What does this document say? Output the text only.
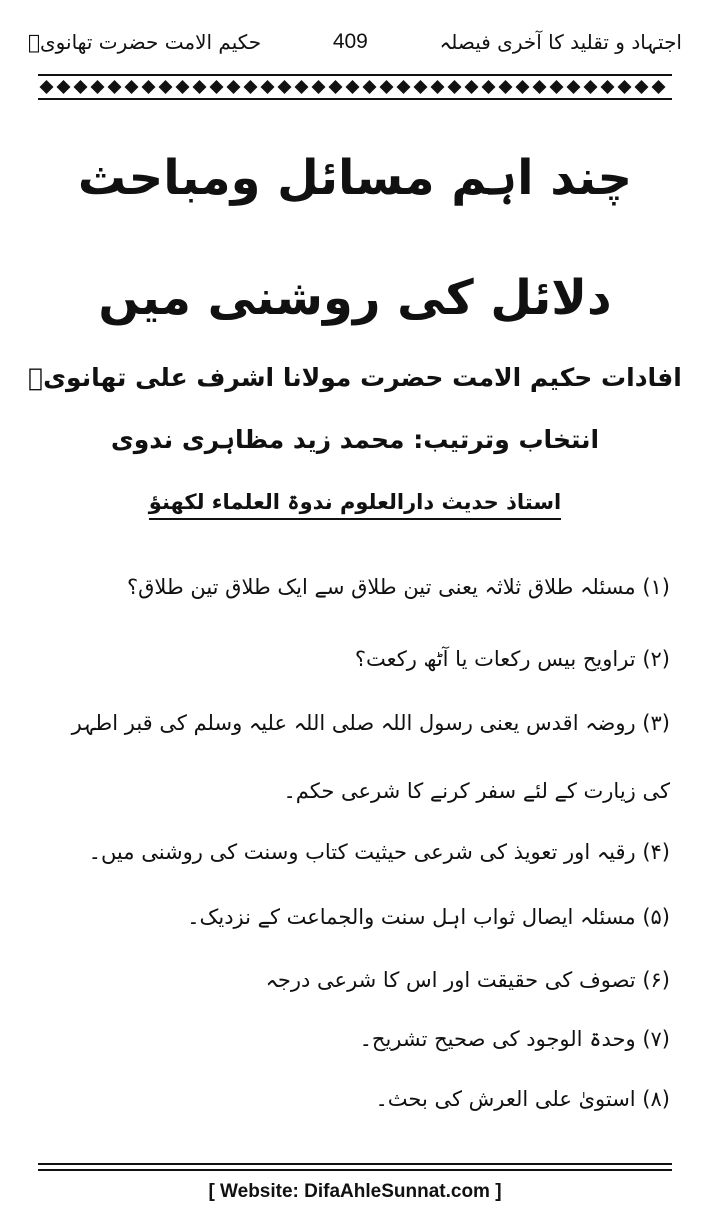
اجتہاد و تقلید کا آخری فیصلہ
409
حکیم الامت حضرت تھانویؒ
چند اہم مسائل ومباحث
دلائل کی روشنی میں
افادات حکیم الامت حضرت مولانا اشرف علی تھانویؒ
انتخاب وترتیب: محمد زید مظاہری ندوی
استاذ حدیث دارالعلوم ندوۃ العلماء لکھنؤ
(۱) مسئلہ طلاق ثلاثہ یعنی تین طلاق سے ایک طلاق تین طلاق؟
(۲) تراویح بیس رکعات یا آٹھ رکعت؟
(۳) روضہ اقدس یعنی رسول اللہ صلی اللہ علیہ وسلم کی قبر اطہر کی زیارت کے لئے سفر کرنے کا شرعی حکم۔
(۴) رقیہ اور تعویذ کی شرعی حیثیت کتاب وسنت کی روشنی میں۔
(۵) مسئلہ ایصال ثواب اہل سنت والجماعت کے نزدیک۔
(۶) تصوف کی حقیقت اور اس کا شرعی درجہ
(۷) وحدۃ الوجود کی صحیح تشریح۔
(۸) استویٰ علی العرش کی بحث۔
[ Website: DifaAhleSunnat.com ]
